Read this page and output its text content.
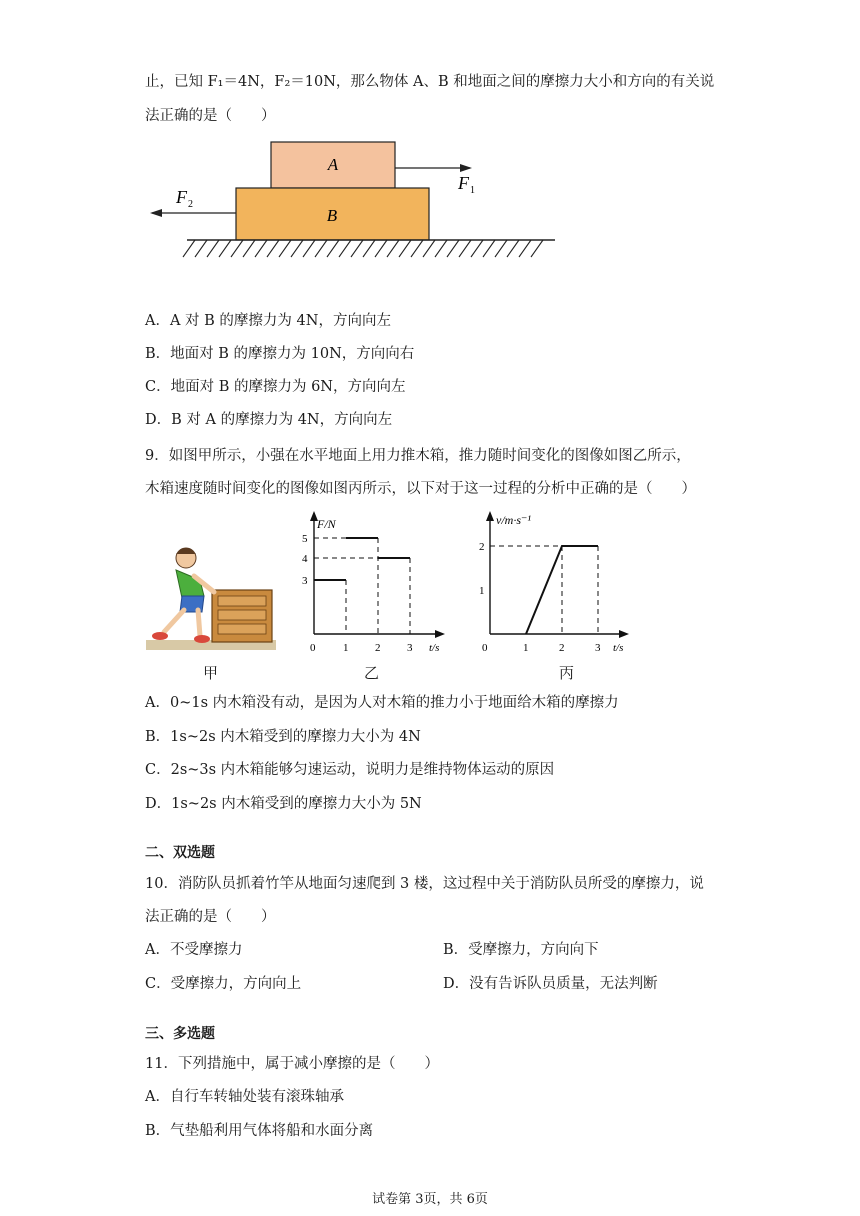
止，已知 F₁＝4N，F₂＝10N，那么物体 A、B 和地面之间的摩擦力大小和方向的有关说
法正确的是（　　）
A
B
F 1
F 2
A．A 对 B 的摩擦力为 4N，方向向左
B．地面对 B 的摩擦力为 10N，方向向右
C．地面对 B 的摩擦力为 6N，方向向左
D．B 对 A 的摩擦力为 4N，方向向左
9．如图甲所示，小强在水平地面上用力推木箱，推力随时间变化的图像如图乙所示，
木箱速度随时间变化的图像如图丙所示，以下对于这一过程的分析中正确的是（　　）
甲
F/N
t/s
0	1 2 3
3
4
5
乙
v/m·s⁻¹
t/s
0	1	2	3
1
2
丙
A．0~1s 内木箱没有动，是因为人对木箱的推力小于地面给木箱的摩擦力
B．1s~2s 内木箱受到的摩擦力大小为 4N
C．2s~3s 内木箱能够匀速运动，说明力是维持物体运动的原因
D．1s~2s 内木箱受到的摩擦力大小为 5N
二、双选题
10．消防队员抓着竹竿从地面匀速爬到 3 楼，这过程中关于消防队员所受的摩擦力，说
法正确的是（　　）
A．不受摩擦力	B．受摩擦力，方向向下
C．受摩擦力，方向向上	D．没有告诉队员质量，无法判断
三、多选题
11．下列措施中，属于减小摩擦的是（　　）
A．自行车转轴处装有滚珠轴承
B．气垫船利用气体将船和水面分离
试卷第 3页，共 6页
